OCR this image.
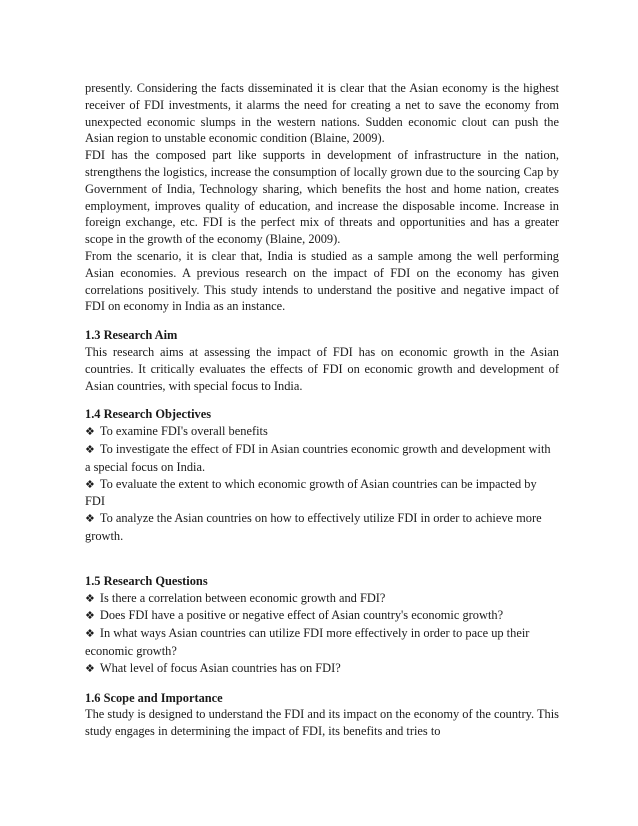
presently. Considering the facts disseminated it is clear that the Asian economy is the highest receiver of FDI investments, it alarms the need for creating a net to save the economy from unexpected economic slumps in the western nations. Sudden economic clout can push the Asian region to unstable economic condition (Blaine, 2009).

FDI has the composed part like supports in development of infrastructure in the nation, strengthens the logistics, increase the consumption of locally grown due to the sourcing Cap by Government of India, Technology sharing, which benefits the host and home nation, creates employment, improves quality of education, and increase the disposable income. Increase in foreign exchange, etc. FDI is the perfect mix of threats and opportunities and has a greater scope in the growth of the economy (Blaine, 2009).

From the scenario, it is clear that, India is studied as a sample among the well performing Asian economies. A previous research on the impact of FDI on the economy has given correlations positively. This study intends to understand the positive and negative impact of FDI on economy in India as an instance.

1.3 Research Aim

This research aims at assessing the impact of FDI has on economic growth in the Asian countries. It critically evaluates the effects of FDI on economic growth and development of Asian countries, with special focus to India.

1.4 Research Objectives

❖ To examine FDI's overall benefits
❖ To investigate the effect of FDI in Asian countries economic growth and development with a special focus on India.
❖ To evaluate the extent to which economic growth of Asian countries can be impacted by FDI
❖ To analyze the Asian countries on how to effectively utilize FDI in order to achieve more growth.

1.5 Research Questions

❖ Is there a correlation between economic growth and FDI?
❖ Does FDI have a positive or negative effect of Asian country's economic growth?
❖ In what ways Asian countries can utilize FDI more effectively in order to pace up their economic growth?
❖ What level of focus Asian countries has on FDI?

1.6 Scope and Importance

The study is designed to understand the FDI and its impact on the economy of the country. This study engages in determining the impact of FDI, its benefits and tries to
